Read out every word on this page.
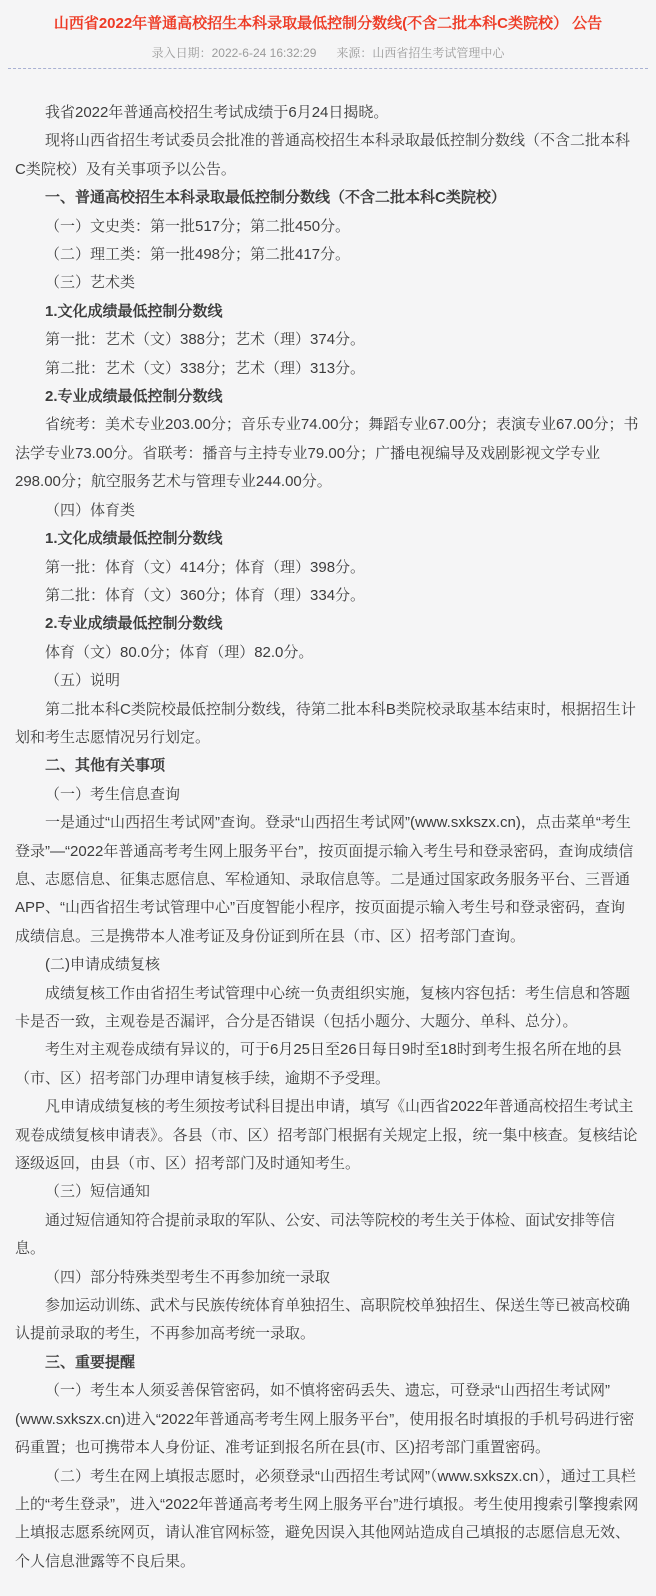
山西省2022年普通高校招生本科录取最低控制分数线(不含二批本科C类院校） 公告
录入日期：2022-6-24 16:32:29 来源：山西省招生考试管理中心

我省2022年普通高校招生考试成绩于6月24日揭晓。

现将山西省招生考试委员会批准的普通高校招生本科录取最低控制分数线（不含二批本科C类院校）及有关事项予以公告。

一、普通高校招生本科录取最低控制分数线（不含二批本科C类院校）

（一）文史类：第一批517分；第二批450分。

（二）理工类：第一批498分；第二批417分。

（三）艺术类

1.文化成绩最低控制分数线

第一批：艺术（文）388分；艺术（理）374分。

第二批：艺术（文）338分；艺术（理）313分。

2.专业成绩最低控制分数线

省统考：美术专业203.00分；音乐专业74.00分；舞蹈专业67.00分；表演专业67.00分；书法学专业73.00分。省联考：播音与主持专业79.00分；广播电视编导及戏剧影视文学专业298.00分；航空服务艺术与管理专业244.00分。

（四）体育类

1.文化成绩最低控制分数线

第一批：体育（文）414分；体育（理）398分。

第二批：体育（文）360分；体育（理）334分。

2.专业成绩最低控制分数线

体育（文）80.0分；体育（理）82.0分。

（五）说明

第二批本科C类院校最低控制分数线，待第二批本科B类院校录取基本结束时，根据招生计划和考生志愿情况另行划定。

二、其他有关事项

（一）考生信息查询

一是通过“山西招生考试网”查询。登录“山西招生考试网”(www.sxkszx.cn)，点击菜单“考生登录”—“2022年普通高考考生网上服务平台”，按页面提示输入考生号和登录密码，查询成绩信息、志愿信息、征集志愿信息、军检通知、录取信息等。二是通过国家政务服务平台、三晋通APP、“山西省招生考试管理中心”百度智能小程序，按页面提示输入考生号和登录密码，查询成绩信息。三是携带本人准考证及身份证到所在县（市、区）招考部门查询。

(二)申请成绩复核

成绩复核工作由省招生考试管理中心统一负责组织实施，复核内容包括：考生信息和答题卡是否一致，主观卷是否漏评，合分是否错误（包括小题分、大题分、单科、总分）。

考生对主观卷成绩有异议的，可于6月25日至26日每日9时至18时到考生报名所在地的县（市、区）招考部门办理申请复核手续，逾期不予受理。

凡申请成绩复核的考生须按考试科目提出申请，填写《山西省2022年普通高校招生考试主观卷成绩复核申请表》。各县（市、区）招考部门根据有关规定上报，统一集中核查。复核结论逐级返回，由县（市、区）招考部门及时通知考生。

（三）短信通知

通过短信通知符合提前录取的军队、公安、司法等院校的考生关于体检、面试安排等信息。

（四）部分特殊类型考生不再参加统一录取

参加运动训练、武术与民族传统体育单独招生、高职院校单独招生、保送生等已被高校确认提前录取的考生，不再参加高考统一录取。

三、重要提醒

（一）考生本人须妥善保管密码，如不慎将密码丢失、遗忘，可登录“山西招生考试网”(www.sxkszx.cn)进入“2022年普通高考考生网上服务平台”，使用报名时填报的手机号码进行密码重置；也可携带本人身份证、准考证到报名所在县(市、区)招考部门重置密码。

（二）考生在网上填报志愿时，必须登录“山西招生考试网”（www.sxkszx.cn），通过工具栏上的“考生登录”，进入“2022年普通高考考生网上服务平台”进行填报。考生使用搜索引擎搜索网上填报志愿系统网页，请认准官网标签，避免因误入其他网站造成自己填报的志愿信息无效、个人信息泄露等不良后果。
